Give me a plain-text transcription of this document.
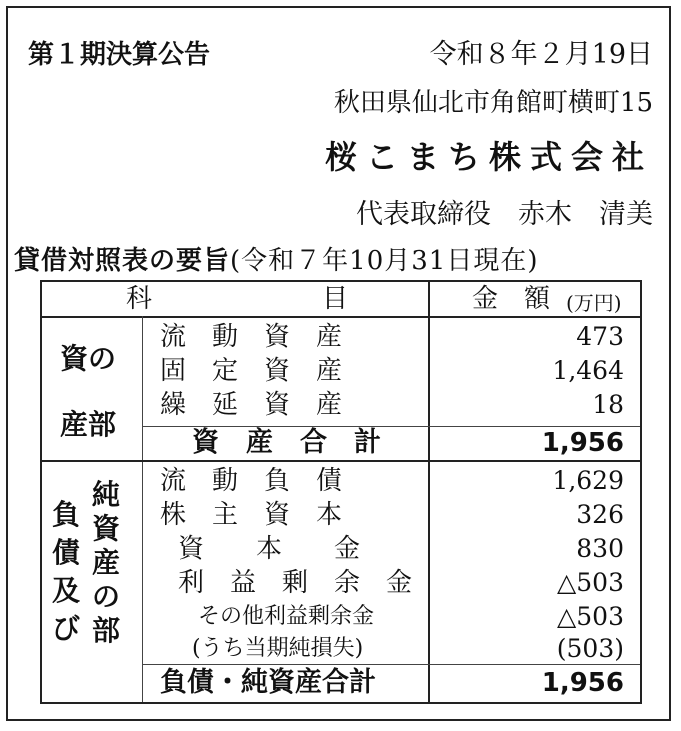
第１期決算公告	令和８年２月19日
秋田県仙北市角館町横町15
桜こまち株式会社
代表取締役　赤木　清美
貸借対照表の要旨(令和７年10月31日現在)
科	目	金　額 (万円)
資の
産部
流　動　資　産	473
固　定　資　産	1,464
繰　延　資　産	18
資　産　合　計	1,956
負
債
及
び
純
資
産
の
部
流　動　負　債	1,629
株　主　資　本	326
資　　本　　金	830
利　益　剰　余　金	△503
その他利益剰余金	△503
(うち当期純損失)	(503)
負債・純資産合計	1,956
